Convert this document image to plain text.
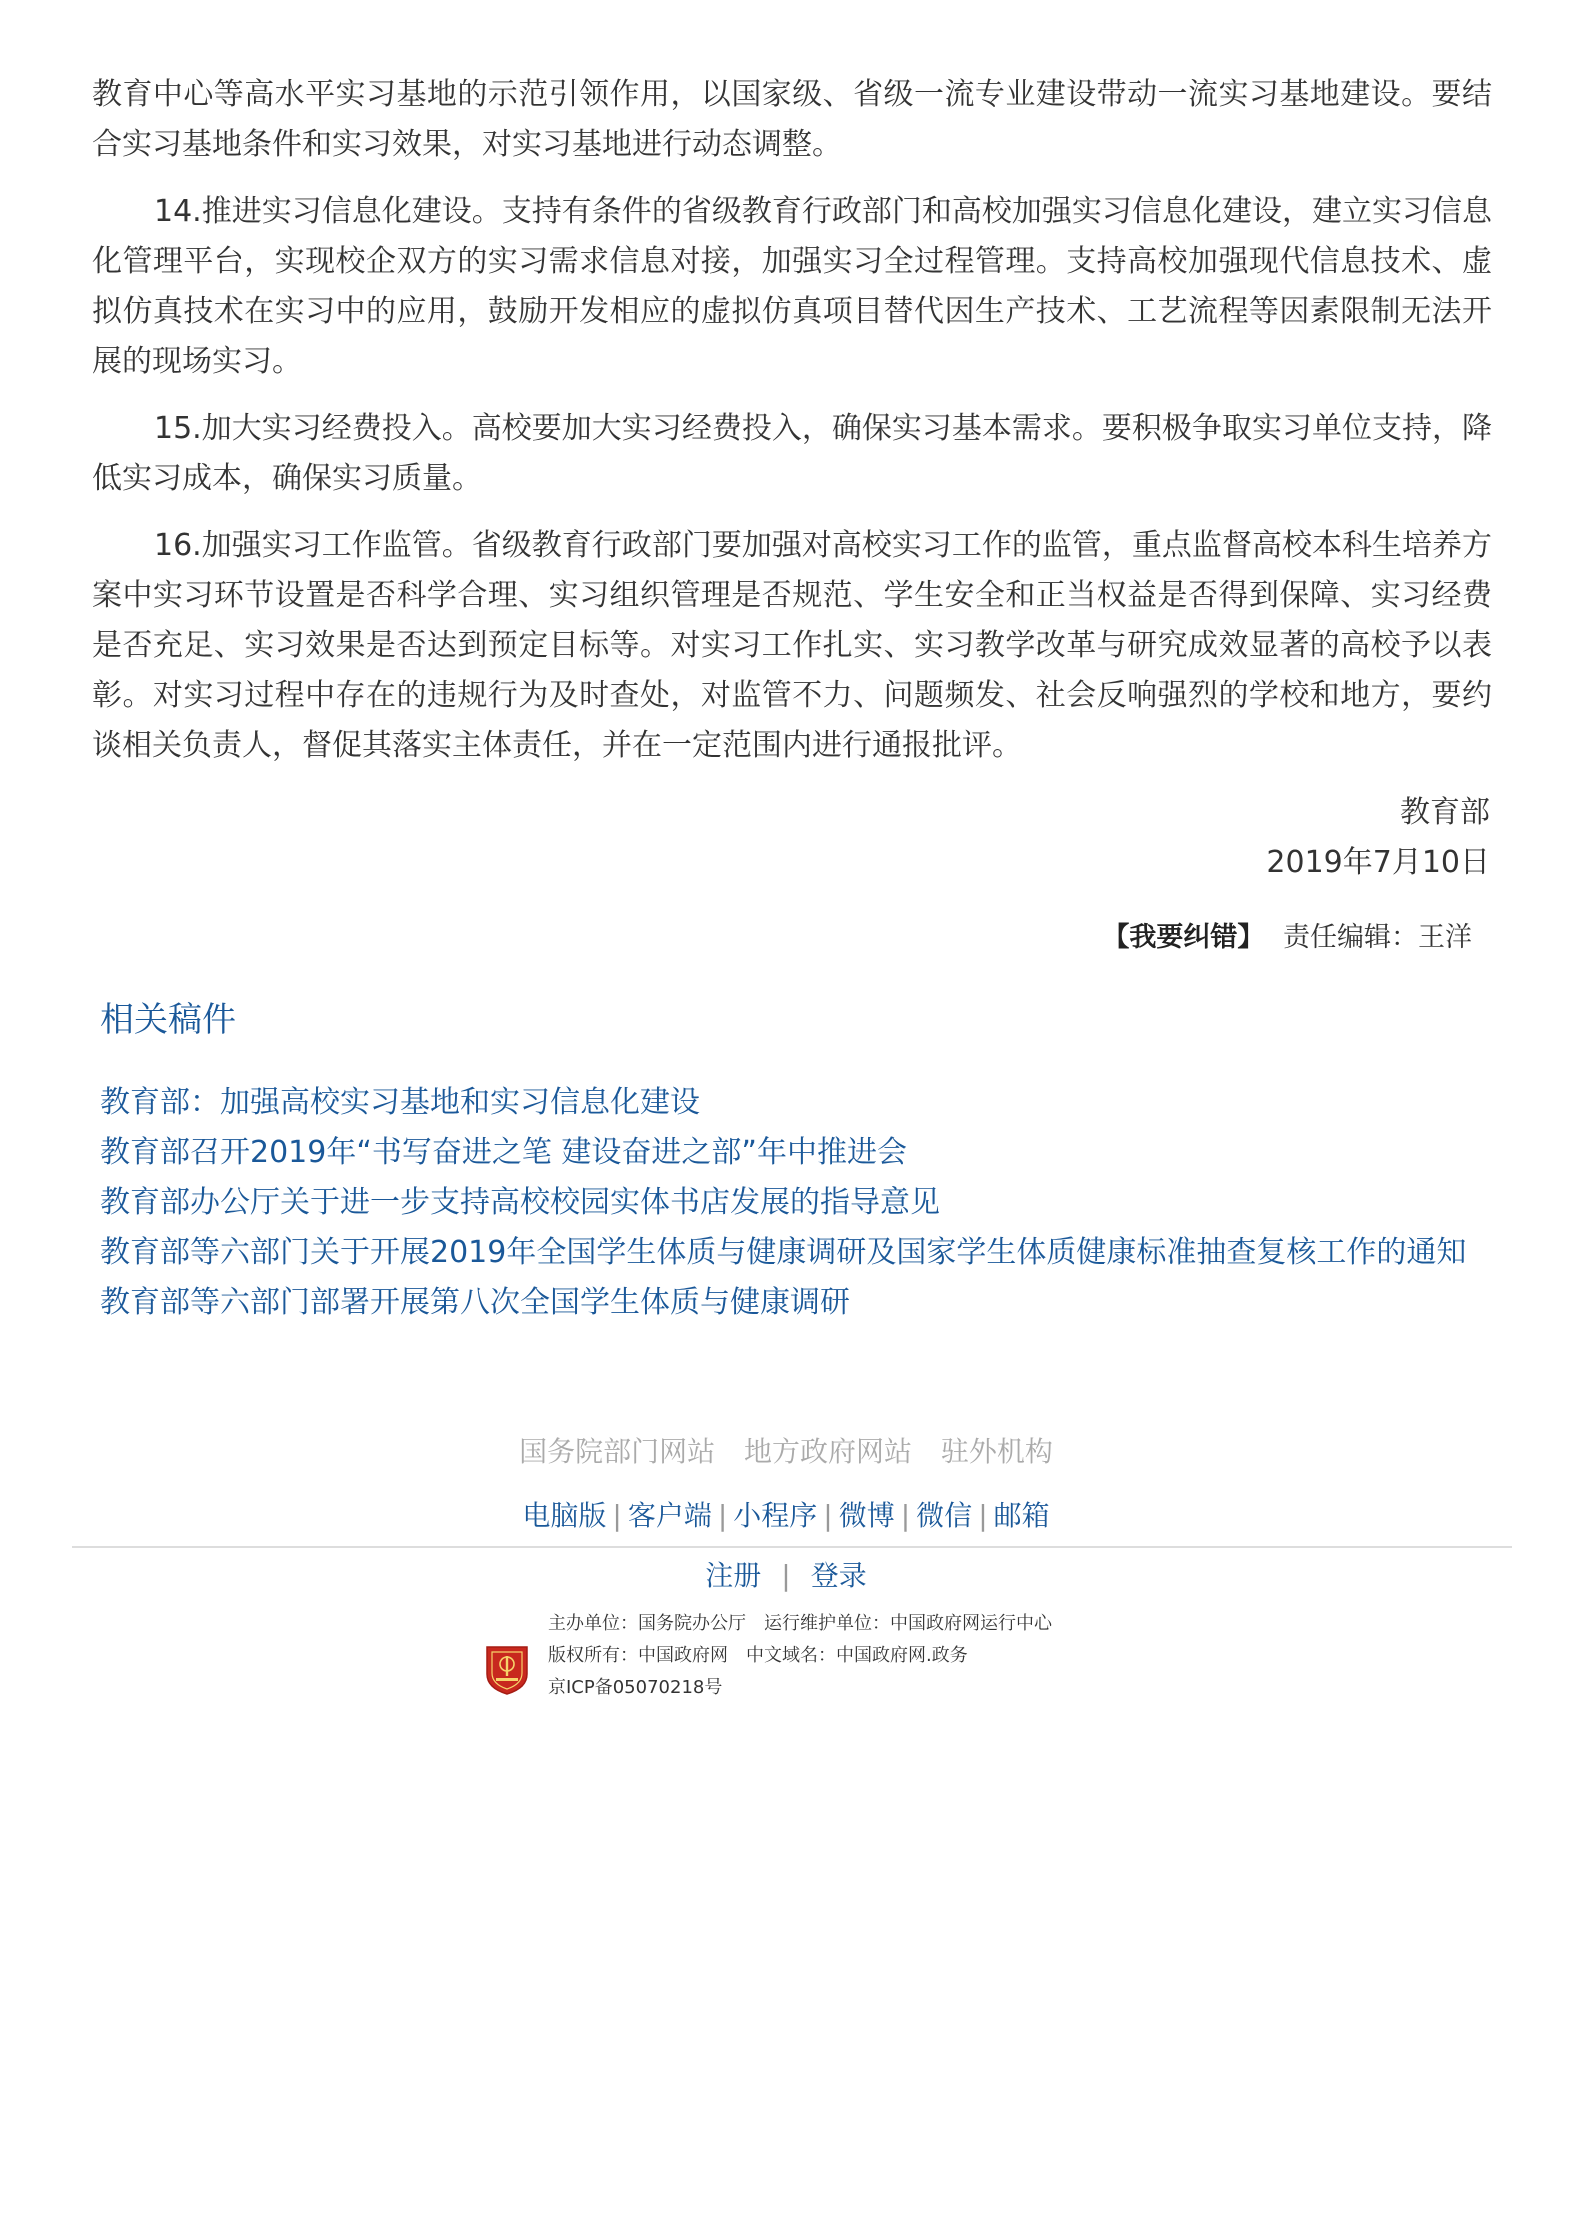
教育中心等高水平实习基地的示范引领作用，以国家级、省级一流专业建设带动一流实习基地建设。要结合实习基地条件和实习效果，对实习基地进行动态调整。

14.推进实习信息化建设。支持有条件的省级教育行政部门和高校加强实习信息化建设，建立实习信息化管理平台，实现校企双方的实习需求信息对接，加强实习全过程管理。支持高校加强现代信息技术、虚拟仿真技术在实习中的应用，鼓励开发相应的虚拟仿真项目替代因生产技术、工艺流程等因素限制无法开展的现场实习。

15.加大实习经费投入。高校要加大实习经费投入，确保实习基本需求。要积极争取实习单位支持，降低实习成本，确保实习质量。

16.加强实习工作监管。省级教育行政部门要加强对高校实习工作的监管，重点监督高校本科生培养方案中实习环节设置是否科学合理、实习组织管理是否规范、学生安全和正当权益是否得到保障、实习经费是否充足、实习效果是否达到预定目标等。对实习工作扎实、实习教学改革与研究成效显著的高校予以表彰。对实习过程中存在的违规行为及时查处，对监管不力、问题频发、社会反响强烈的学校和地方，要约谈相关负责人，督促其落实主体责任，并在一定范围内进行通报批评。

教育部
2019年7月10日
【我要纠错】 责任编辑：王洋
相关稿件
教育部：加强高校实习基地和实习信息化建设
教育部召开2019年“书写奋进之笔 建设奋进之部”年中推进会
教育部办公厅关于进一步支持高校校园实体书店发展的指导意见
教育部等六部门关于开展2019年全国学生体质与健康调研及国家学生体质健康标准抽查复核工作的通知
教育部等六部门部署开展第八次全国学生体质与健康调研
国务院部门网站 地方政府网站 驻外机构
电脑版 | 客户端 | 小程序 | 微博 | 微信 | 邮箱
注册 | 登录
主办单位：国务院办公厅 运行维护单位：中国政府网运行中心
版权所有：中国政府网 中文域名：中国政府网.政务
京ICP备05070218号
